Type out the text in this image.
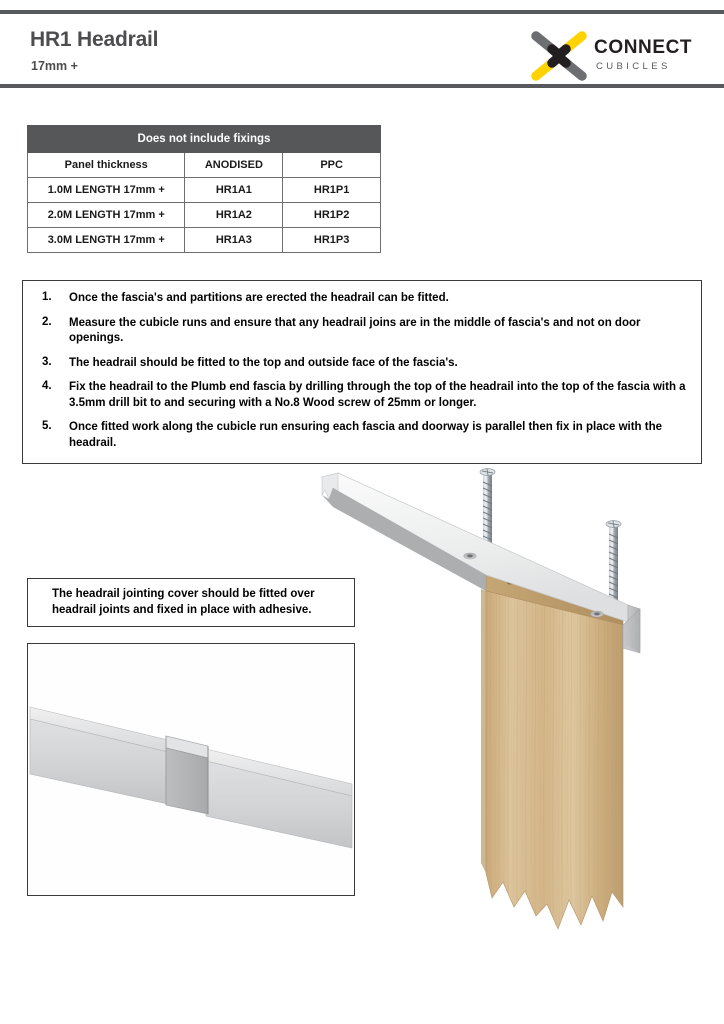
HR1 Headrail
17mm +
CONNECT
CUBICLES
Does not include fixings		
Panel thickness	ANODISED	PPC
1.0M LENGTH 17mm +	HR1A1	HR1P1
2.0M LENGTH 17mm +	HR1A2	HR1P2
3.0M LENGTH 17mm +	HR1A3	HR1P3
1.	Once the fascia's and partitions are erected the headrail can be fitted.
2.	Measure the cubicle runs and ensure that any headrail joins are in the middle of fascia's and not on door openings.
3.	The headrail should be fitted to the top and outside face of the fascia's.
4.	Fix the headrail to the Plumb end fascia by drilling through the top of the headrail into the top of the fascia with a 3.5mm drill bit to and securing with a No.8 Wood screw of 25mm or longer.
5.	Once fitted work along the cubicle run ensuring each fascia and doorway is parallel then fix in place with the headrail.
The headrail jointing cover should be fitted over headrail joints and fixed in place with adhesive.
